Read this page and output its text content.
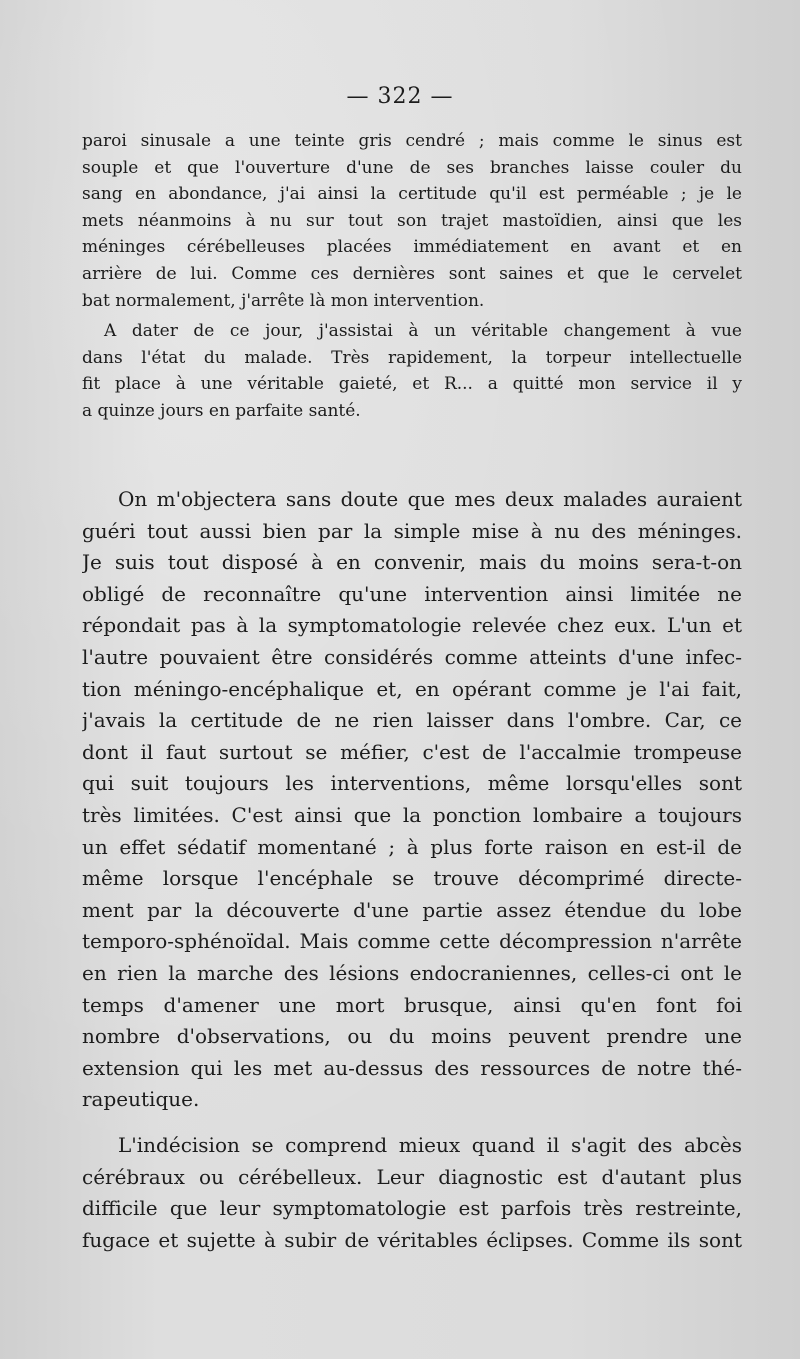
— 322 —
paroi sinusale a une teinte gris cendré ; mais comme le sinus est
souple et que l'ouverture d'une de ses branches laisse couler du
sang en abondance, j'ai ainsi la certitude qu'il est perméable ; je le
mets néanmoins à nu sur tout son trajet mastoïdien, ainsi que les
méninges cérébelleuses placées immédiatement en avant et en
arrière de lui. Comme ces dernières sont saines et que le cervelet
bat normalement, j'arrête là mon intervention.
A dater de ce jour, j'assistai à un véritable changement à vue
dans l'état du malade. Très rapidement, la torpeur intellectuelle
fit place à une véritable gaieté, et R... a quitté mon service il y
a quinze jours en parfaite santé.
On m'objectera sans doute que mes deux malades auraient
guéri tout aussi bien par la simple mise à nu des méninges.
Je suis tout disposé à en convenir, mais du moins sera-t-on
obligé de reconnaître qu'une intervention ainsi limitée ne
répondait pas à la symptomatologie relevée chez eux. L'un et
l'autre pouvaient être considérés comme atteints d'une infec-
tion méningo-encéphalique et, en opérant comme je l'ai fait,
j'avais la certitude de ne rien laisser dans l'ombre. Car, ce
dont il faut surtout se méfier, c'est de l'accalmie trompeuse
qui suit toujours les interventions, même lorsqu'elles sont
très limitées. C'est ainsi que la ponction lombaire a toujours
un effet sédatif momentané ; à plus forte raison en est-il de
même lorsque l'encéphale se trouve décomprimé directe-
ment par la découverte d'une partie assez étendue du lobe
temporo-sphénoïdal. Mais comme cette décompression n'arrête
en rien la marche des lésions endocraniennes, celles-ci ont le
temps d'amener une mort brusque, ainsi qu'en font foi
nombre d'observations, ou du moins peuvent prendre une
extension qui les met au-dessus des ressources de notre thé-
rapeutique.
L'indécision se comprend mieux quand il s'agit des abcès
cérébraux ou cérébelleux. Leur diagnostic est d'autant plus
difficile que leur symptomatologie est parfois très restreinte,
fugace et sujette à subir de véritables éclipses. Comme ils sont
